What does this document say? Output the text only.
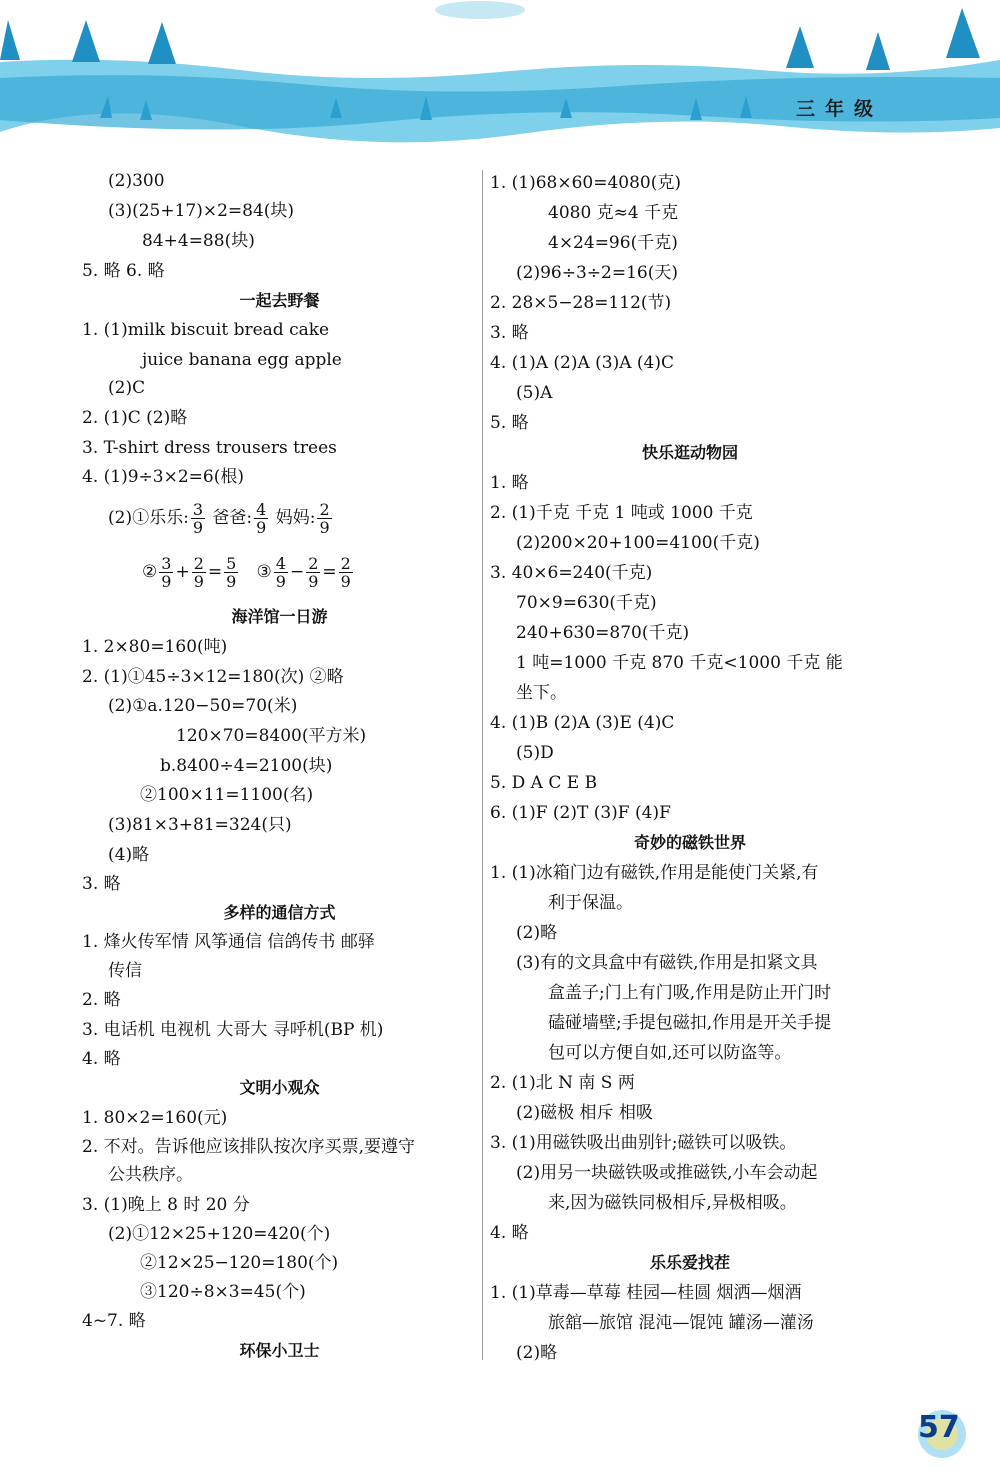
三年级
(2)300
(3)(25+17)×2=84(块)
84+4=88(块)
5. 略 6. 略
一起去野餐
1. (1)milk biscuit bread cake
juice banana egg apple
(2)C
2. (1)C (2)略
3. T-shirt dress trousers trees
4. (1)9÷3×2=6(根)
(2)①乐乐: $\frac{3}{9}$ 爸爸: $\frac{4}{9}$ 妈妈: $\frac{2}{9}$
② $\frac{3}{9} + \frac{2}{9} = \frac{5}{9}$ ③ $\frac{4}{9} - \frac{2}{9} = \frac{2}{9}$
海洋馆一日游
1. 2×80=160(吨)
2. (1)①45÷3×12=180(次) ②略
(2)①a.120−50=70(米)
120×70=8400(平方米)
b.8400÷4=2100(块)
②100×11=1100(名)
(3)81×3+81=324(只)
(4)略
3. 略
多样的通信方式
1. 烽火传军情 风筝通信 信鸽传书 邮驿
传信
2. 略
3. 电话机 电视机 大哥大 寻呼机(BP 机)
4. 略
文明小观众
1. 80×2=160(元)
2. 不对。告诉他应该排队按次序买票,要遵守
公共秩序。
3. (1)晚上 8 时 20 分
(2)①12×25+120=420(个)
②12×25−120=180(个)
③120÷8×3=45(个)
4~7. 略
环保小卫士
1. (1)68×60=4080(克)
4080 克≈4 千克
4×24=96(千克)
(2)96÷3÷2=16(天)
2. 28×5−28=112(节)
3. 略
4. (1)A (2)A (3)A (4)C
(5)A
5. 略
快乐逛动物园
1. 略
2. (1)千克 千克 1 吨或 1000 千克
(2)200×20+100=4100(千克)
3. 40×6=240(千克)
70×9=630(千克)
240+630=870(千克)
1 吨=1000 千克 870 千克<1000 千克 能
坐下。
4. (1)B (2)A (3)E (4)C
(5)D
5. D A C E B
6. (1)F (2)T (3)F (4)F
奇妙的磁铁世界
1. (1)冰箱门边有磁铁,作用是能使门关紧,有
利于保温。
(2)略
(3)有的文具盒中有磁铁,作用是扣紧文具
盒盖子;门上有门吸,作用是防止开门时
磕碰墙壁;手提包磁扣,作用是开关手提
包可以方便自如,还可以防盗等。
2. (1)北 N 南 S 两
(2)磁极 相斥 相吸
3. (1)用磁铁吸出曲别针;磁铁可以吸铁。
(2)用另一块磁铁吸或推磁铁,小车会动起
来,因为磁铁同极相斥,异极相吸。
4. 略
乐乐爱找茬
1. (1)草毒—草莓 桂园—桂圆 烟洒—烟酒
旅舘—旅馆 混沌—馄饨 罐汤—灌汤
(2)略
57
